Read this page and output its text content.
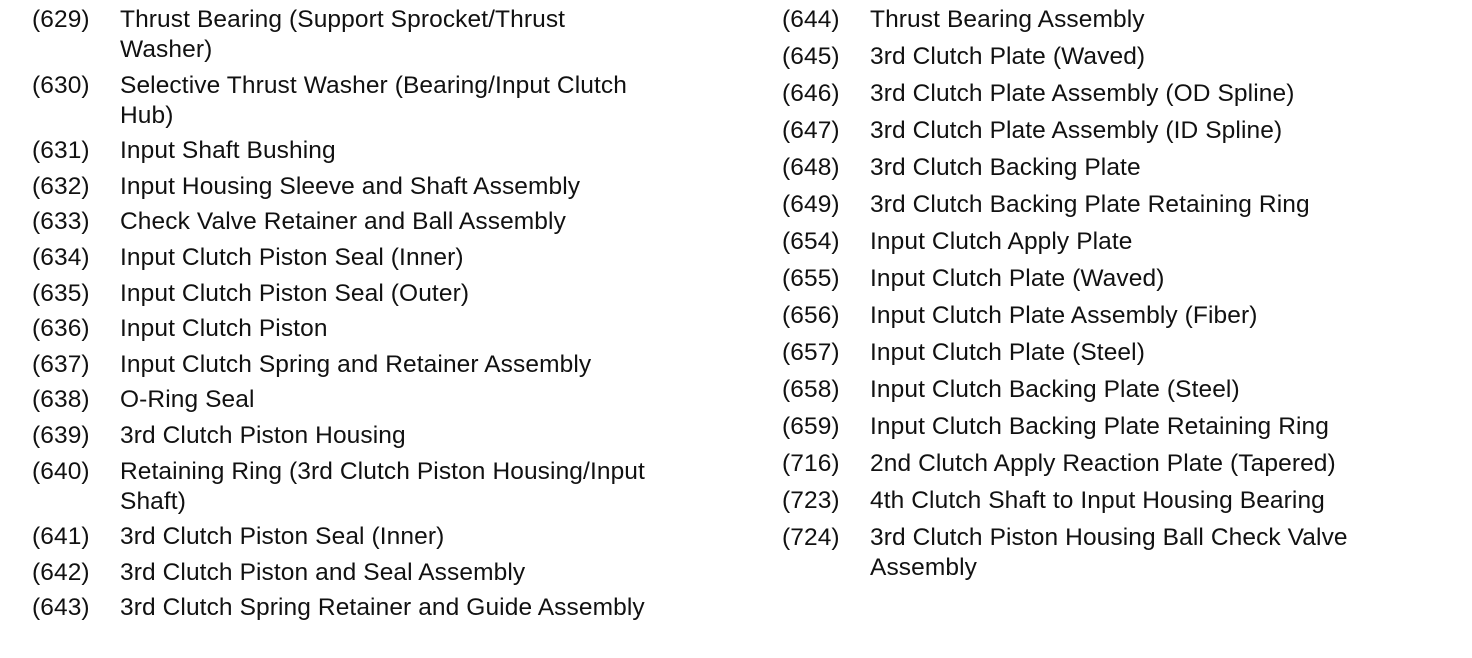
(629)	Thrust Bearing (Support Sprocket/Thrust Washer)
(630)	Selective Thrust Washer (Bearing/Input Clutch Hub)
(631)	Input Shaft Bushing
(632)	Input Housing Sleeve and Shaft Assembly
(633)	Check Valve Retainer and Ball Assembly
(634)	Input Clutch Piston Seal (Inner)
(635)	Input Clutch Piston Seal (Outer)
(636)	Input Clutch Piston
(637)	Input Clutch Spring and Retainer Assembly
(638)	O-Ring Seal
(639)	3rd Clutch Piston Housing
(640)	Retaining Ring (3rd Clutch Piston Housing/Input Shaft)
(641)	3rd Clutch Piston Seal (Inner)
(642)	3rd Clutch Piston and Seal Assembly
(643)	3rd Clutch Spring Retainer and Guide Assembly
(644)	Thrust Bearing Assembly
(645)	3rd Clutch Plate (Waved)
(646)	3rd Clutch Plate Assembly (OD Spline)
(647)	3rd Clutch Plate Assembly (ID Spline)
(648)	3rd Clutch Backing Plate
(649)	3rd Clutch Backing Plate Retaining Ring
(654)	Input Clutch Apply Plate
(655)	Input Clutch Plate (Waved)
(656)	Input Clutch Plate Assembly (Fiber)
(657)	Input Clutch Plate (Steel)
(658)	Input Clutch Backing Plate (Steel)
(659)	Input Clutch Backing Plate Retaining Ring
(716)	2nd Clutch Apply Reaction Plate (Tapered)
(723)	4th Clutch Shaft to Input Housing Bearing
(724)	3rd Clutch Piston Housing Ball Check Valve Assembly
